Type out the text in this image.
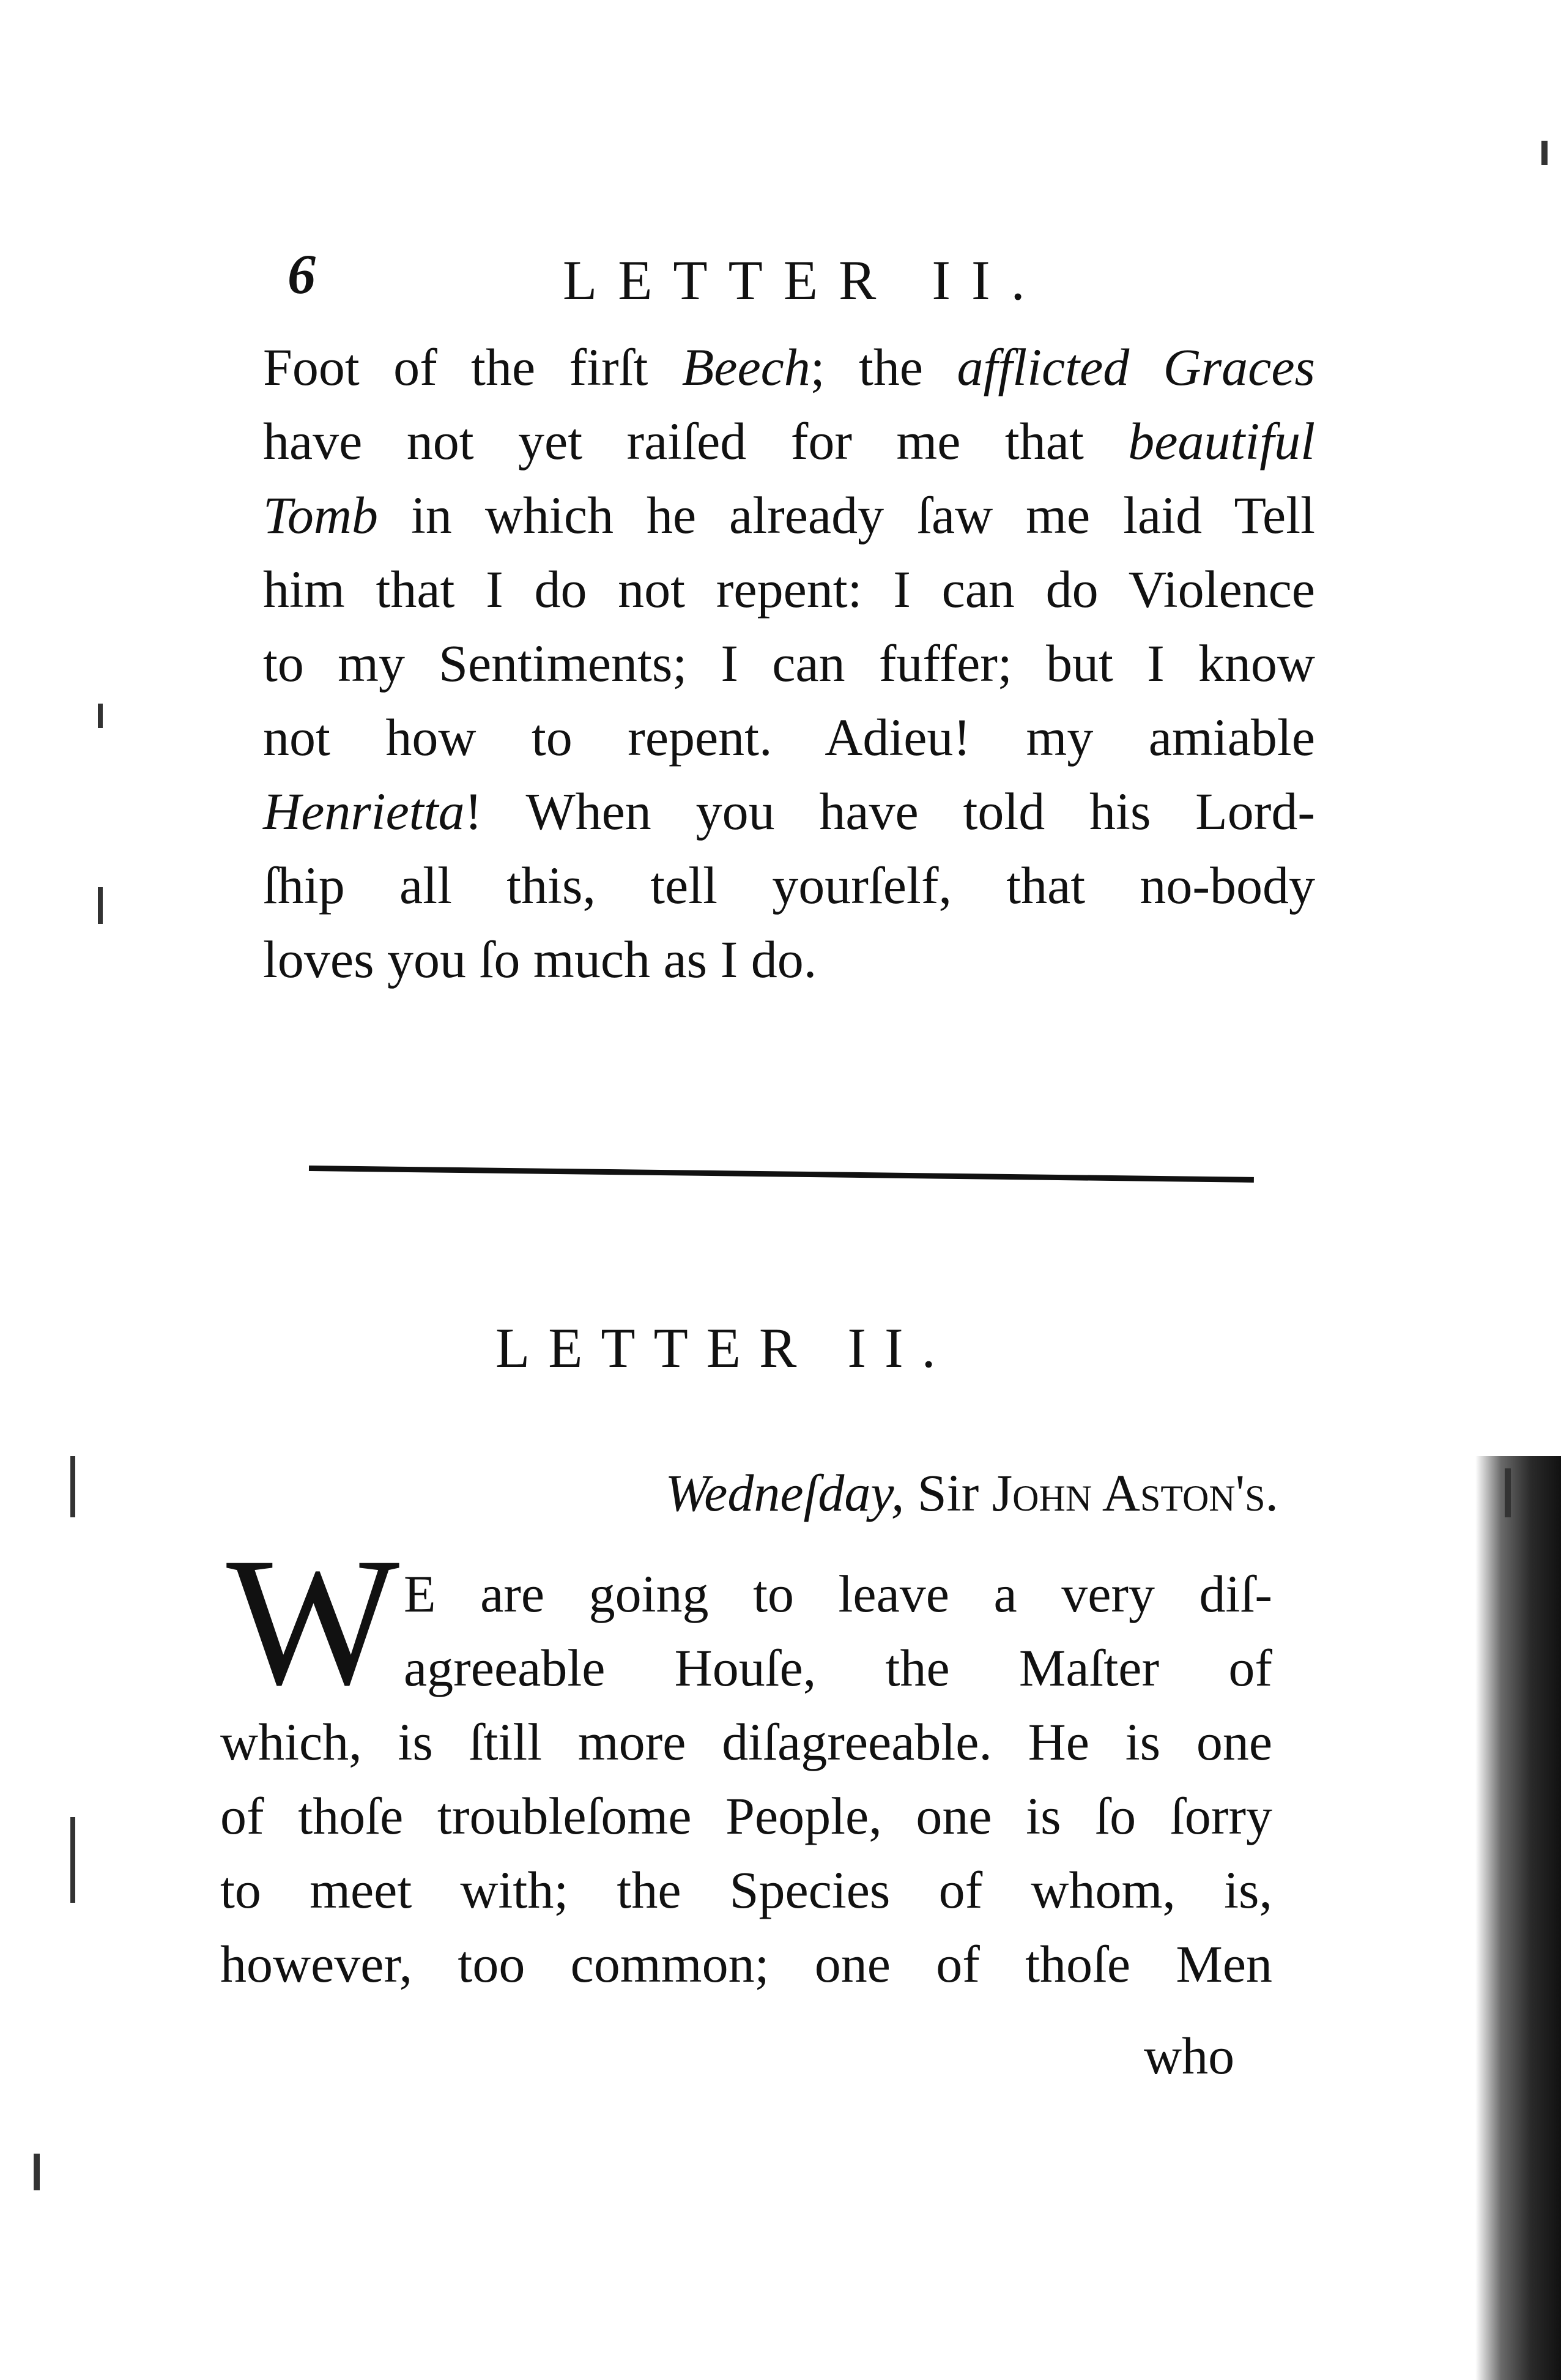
6	LETTER II.
Foot of the firſt Beech; the afflicted Graces
have not yet raiſed for me that beautiful
Tomb in which he already ſaw me laid Tell
him that I do not repent: I can do Violence
to my Sentiments; I can fuffer; but I know
not how to repent. Adieu! my amiable
Henrietta! When you have told his Lord-
ſhip all this, tell yourſelf, that no-body
loves you ſo much as I do.
LETTER II.
Wedneſday, Sir John Aston's.
W E are going to leave a very diſ-
agreeable Houſe, the Maſter of
which, is ſtill more diſagreeable. He is one
of thoſe troubleſome People, one is ſo ſorry
to meet with; the Species of whom, is,
however, too common; one of thoſe Men
who
